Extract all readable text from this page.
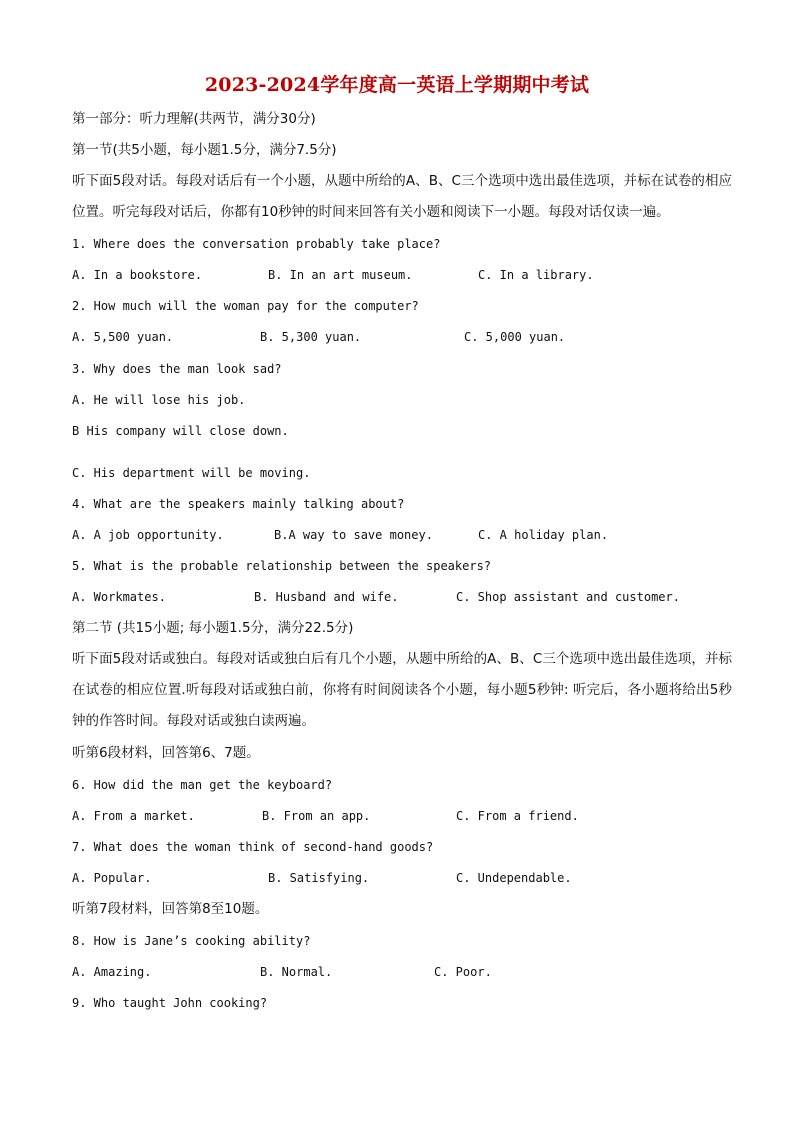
2023-2024学年度高一英语上学期期中考试
第一部分：听力理解(共两节，满分30分)
第一节(共5小题，每小题1.5分，满分7.5分)
听下面5段对话。每段对话后有一个小题，从题中所给的A、B、C三个选项中选出最佳选项，并标在试卷的相应位置。听完每段对话后，你都有10秒钟的时间来回答有关小题和阅读下一小题。每段对话仅读一遍。
1. Where does the conversation probably take place?
A. In a bookstore.	B. In an art museum.	C. In a library.
2. How much will the woman pay for the computer?
A. 5,500 yuan.	B. 5,300 yuan.	C. 5,000 yuan.
3. Why does the man look sad?
A. He will lose his job.
B His company will close down.
C. His department will be moving.
4. What are the speakers mainly talking about?
A. A job opportunity.	B.A way to save money.	C. A holiday plan.
5. What is the probable relationship between the speakers?
A. Workmates.	B. Husband and wife.	C. Shop assistant and customer.
第二节 (共15小题; 每小题1.5分，满分22.5分)
听下面5段对话或独白。每段对话或独白后有几个小题，从题中所给的A、B、C三个选项中选出最佳选项，并标在试卷的相应位置.听每段对话或独白前，你将有时间阅读各个小题，每小题5秒钟: 听完后，各小题将给出5秒钟的作答时间。每段对话或独白读两遍。
听第6段材料，回答第6、7题。
6. How did the man get the keyboard?
A. From a market.	B. From an app.	C. From a friend.
7. What does the woman think of second-hand goods?
A. Popular.	B. Satisfying.	C. Undependable.
听第7段材料，回答第8至10题。
8. How is Jane’s cooking ability?
A. Amazing.	B. Normal.	C. Poor.
9. Who taught John cooking?
